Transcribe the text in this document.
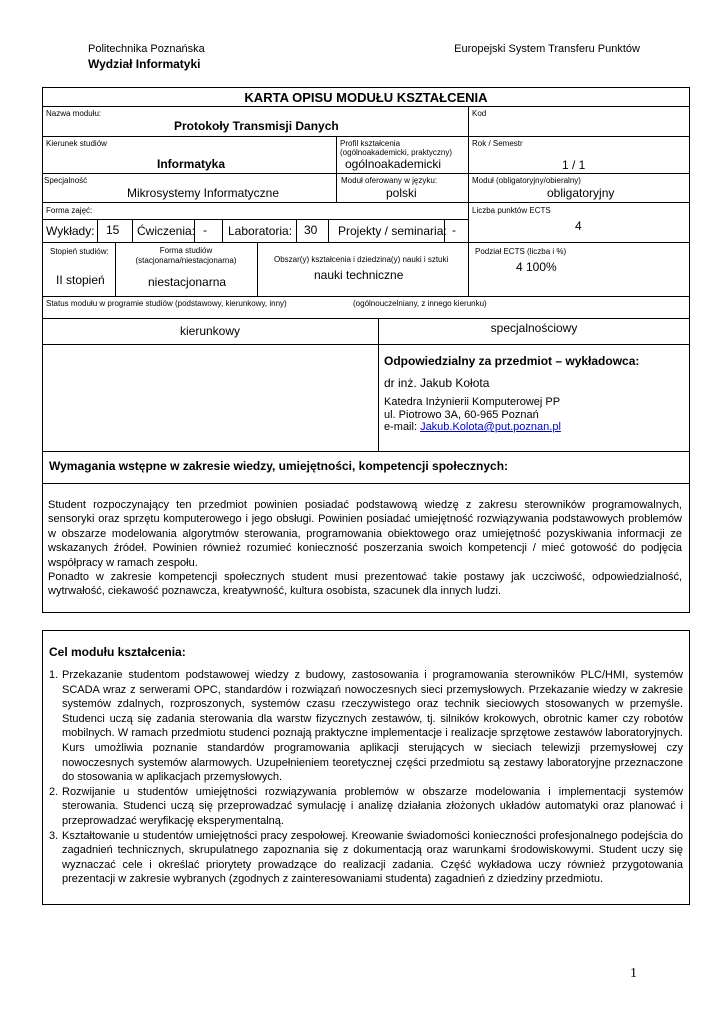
Politechnika Poznańska
Wydział Informatyki
Europejski System Transferu Punktów
KARTA OPISU MODUŁU KSZTAŁCENIA
Nazwa modułu:
Protokoły Transmisji Danych
Kod
Kierunek studiów
Informatyka
Profil kształcenia
(ogólnoakademicki, praktyczny)
ogólnoakademicki
Rok / Semestr
1 / 1
Specjalność
Mikrosystemy Informatyczne
Moduł oferowany w języku:
polski
Moduł (obligatoryjny/obieralny)
obligatoryjny
Forma zajęć:
Wykłady: 15 Ćwiczenia: - Laboratoria: 30 Projekty / seminaria: -
Liczba punktów ECTS
4
Stopień studiów:
II stopień
Forma studiów
(stacjonarna/niestacjonarna)
niestacjonarna
Obszar(y) kształcenia i dziedzina(y) nauki i sztuki
nauki techniczne
Podział ECTS (liczba i %)
4 100%
Status modułu w programie studiów (podstawowy, kierunkowy, inny)	(ogólnouczelniany, z innego kierunku)
kierunkowy	specjalnościowy
Odpowiedzialny za przedmiot – wykładowca:
dr inż. Jakub Kołota
Katedra Inżynierii Komputerowej PP
ul. Piotrowo 3A, 60-965 Poznań
e-mail: Jakub.Kolota@put.poznan.pl
Wymagania wstępne w zakresie wiedzy, umiejętności, kompetencji społecznych:
Student rozpoczynający ten przedmiot powinien posiadać podstawową wiedzę z zakresu sterowników programowalnych, sensoryki oraz sprzętu komputerowego i jego obsługi. Powinien posiadać umiejętność rozwiązywania podstawowych problemów w obszarze modelowania algorytmów sterowania, programowania obiektowego oraz umiejętność pozyskiwania informacji ze wskazanych źródeł. Powinien również rozumieć konieczność poszerzania swoich kompetencji / mieć gotowość do podjęcia współpracy w ramach zespołu.
Ponadto w zakresie kompetencji społecznych student musi prezentować takie postawy jak uczciwość, odpowiedzialność, wytrwałość, ciekawość poznawcza, kreatywność, kultura osobista, szacunek dla innych ludzi.
Cel modułu kształcenia:
1. Przekazanie studentom podstawowej wiedzy z budowy, zastosowania i programowania sterowników PLC/HMI, systemów SCADA wraz z serwerami OPC, standardów i rozwiązań nowoczesnych sieci przemysłowych. Przekazanie wiedzy w zakresie systemów zdalnych, rozproszonych, systemów czasu rzeczywistego oraz technik sieciowych stosowanych w przemyśle. Studenci uczą się zadania sterowania dla warstw fizycznych zestawów, tj. silników krokowych, obrotnic kamer czy robotów mobilnych. W ramach przedmiotu studenci poznają praktyczne implementacje i realizacje sprzętowe zestawów laboratoryjnych. Kurs umożliwia poznanie standardów programowania aplikacji sterujących w sieciach telewizji przemysłowej czy nowoczesnych systemów alarmowych. Uzupełnieniem teoretycznej części przedmiotu są zestawy laboratoryjne przeznaczone do stosowania w aplikacjach przemysłowych.
2. Rozwijanie u studentów umiejętności rozwiązywania problemów w obszarze modelowania i implementacji systemów sterowania. Studenci uczą się przeprowadzać symulację i analizę działania złożonych układów automatyki oraz planować i przeprowadzać weryfikację eksperymentalną.
3. Kształtowanie u studentów umiejętności pracy zespołowej. Kreowanie świadomości konieczności profesjonalnego podejścia do zagadnień technicznych, skrupulatnego zapoznania się z dokumentacją oraz warunkami środowiskowymi. Student uczy się wyznaczać cele i określać priorytety prowadzące do realizacji zadania. Część wykładowa uczy również przygotowania prezentacji w zakresie wybranych (zgodnych z zainteresowaniami studenta) zagadnień z dziedziny przedmiotu.
1
